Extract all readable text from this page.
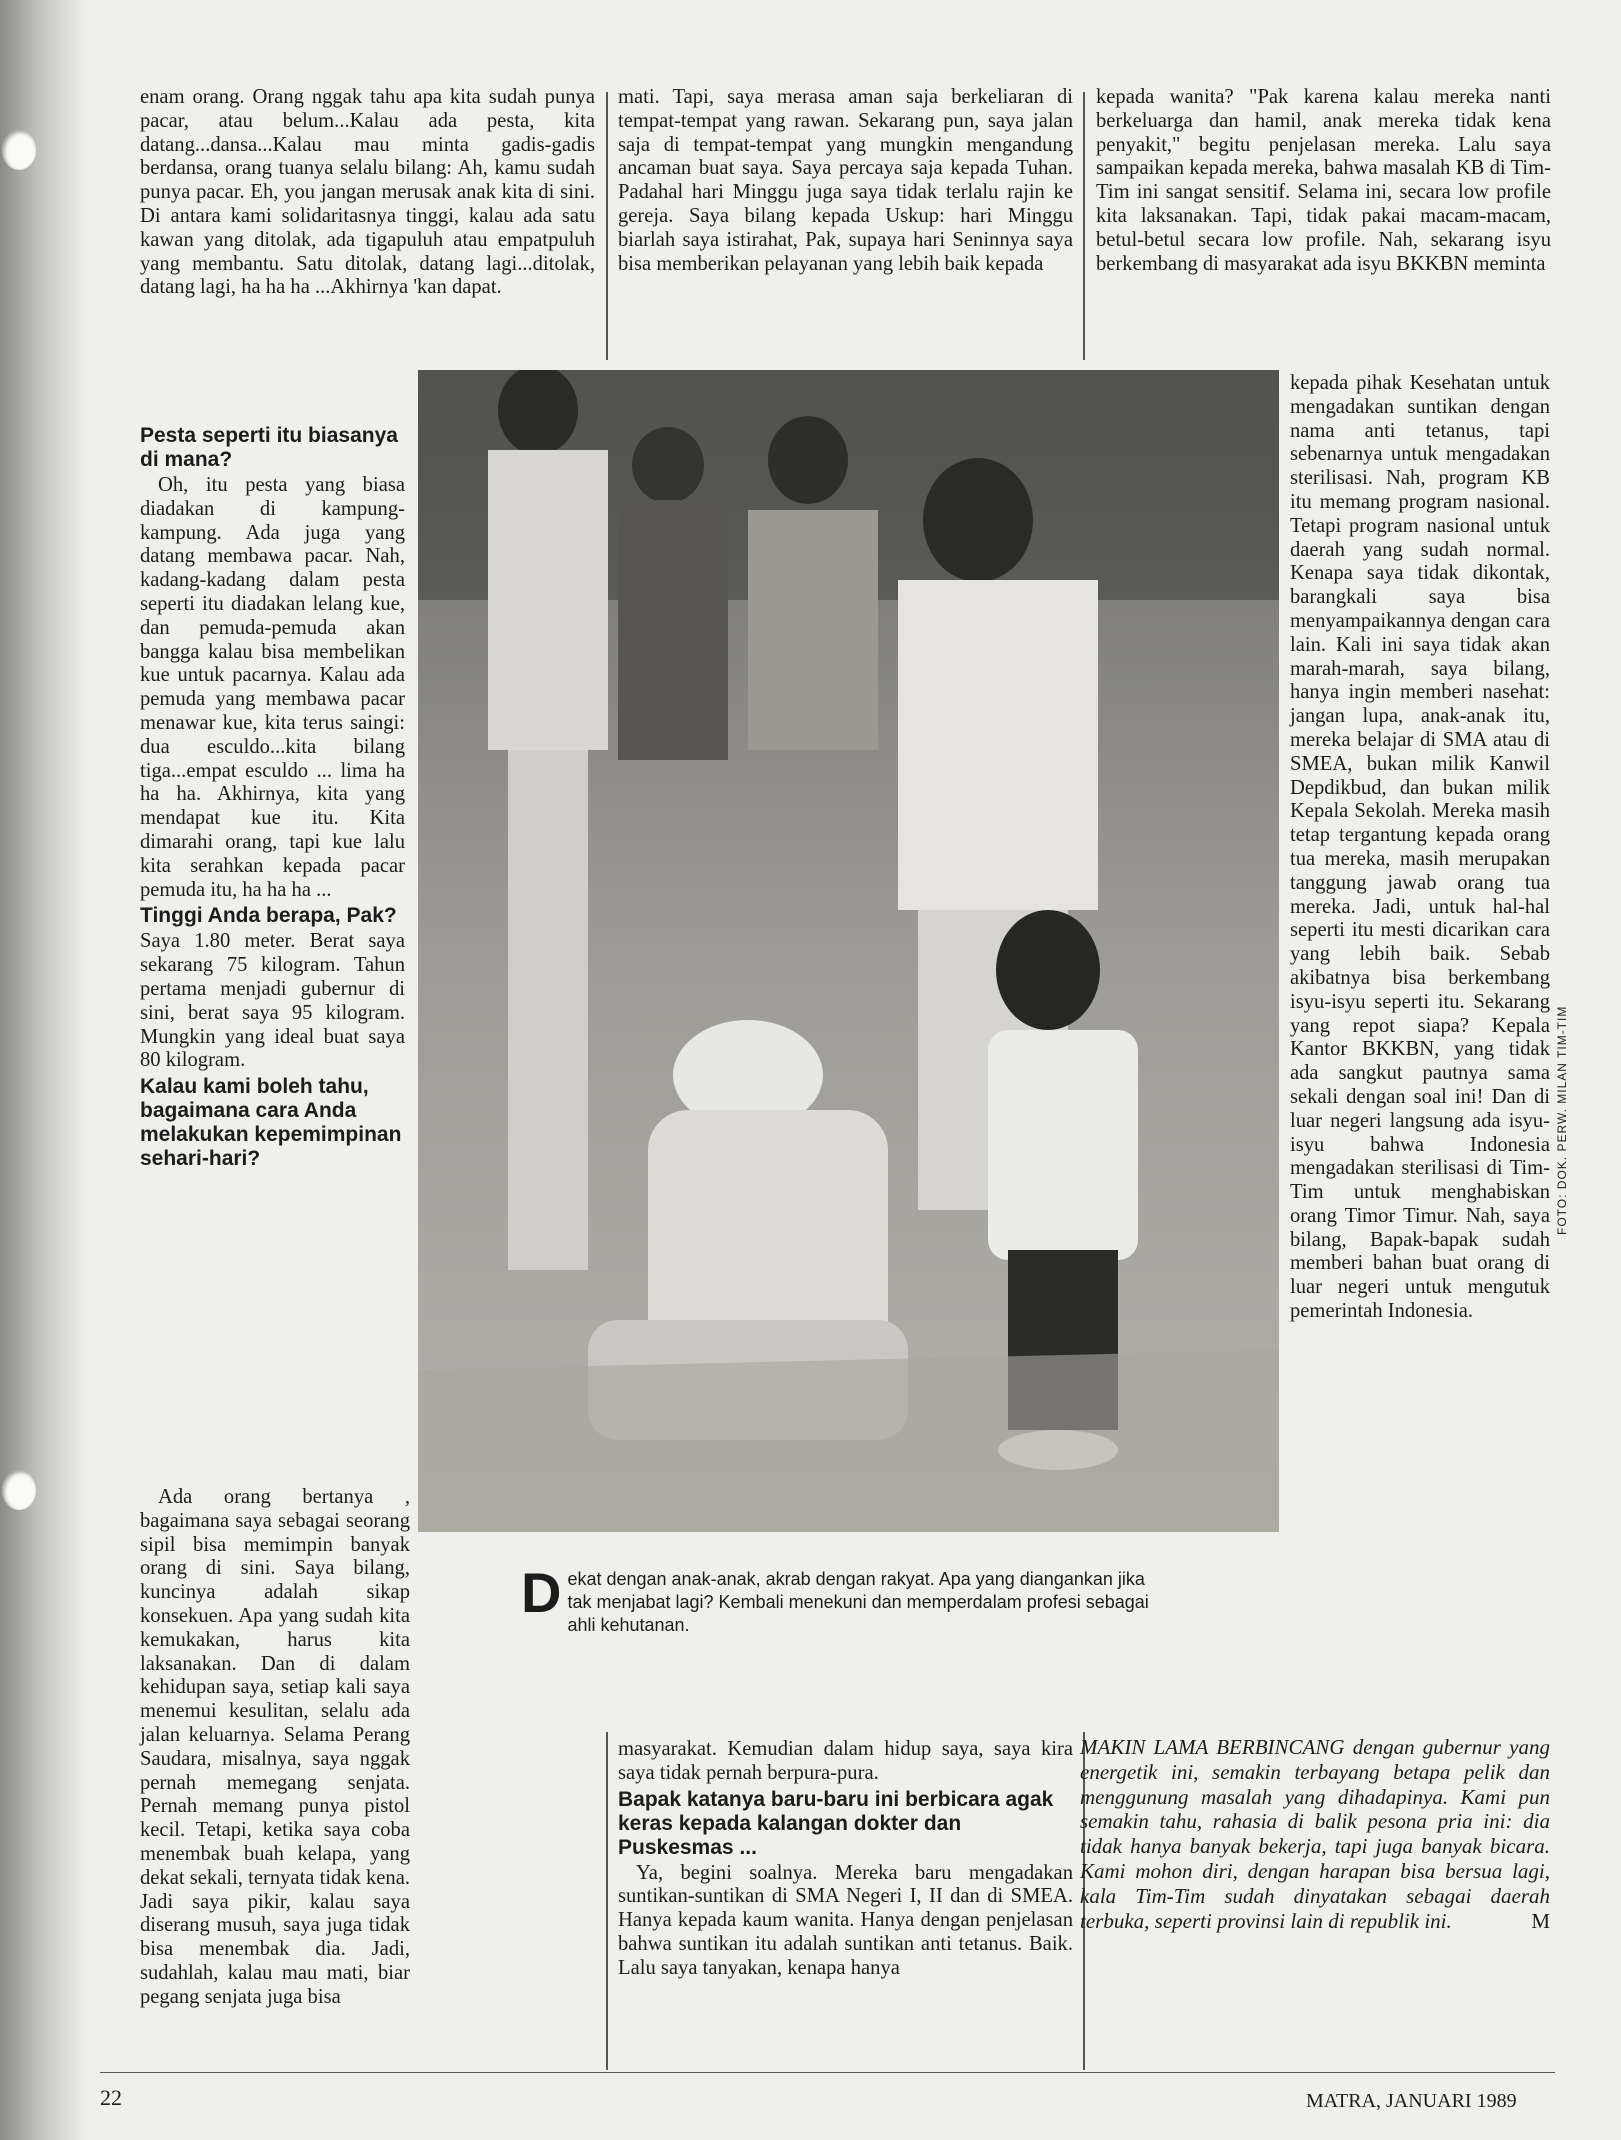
enam orang. Orang nggak tahu apa kita sudah punya pacar, atau belum...Kalau ada pesta, kita datang...dansa...Kalau mau minta gadis-gadis berdansa, orang tuanya selalu bilang: Ah, kamu sudah punya pacar. Eh, you jangan merusak anak kita di sini. Di antara kami solidaritasnya tinggi, kalau ada satu kawan yang ditolak, ada tigapuluh atau empatpuluh yang membantu. Satu ditolak, datang lagi...ditolak, datang lagi, ha ha ha ...Akhirnya 'kan dapat.

Pesta seperti itu biasanya di mana?

Oh, itu pesta yang biasa diadakan di kampung-kampung. Ada juga yang datang membawa pacar. Nah, kadang-kadang dalam pesta seperti itu diadakan lelang kue, dan pemuda-pemuda akan bangga kalau bisa membelikan kue untuk pacarnya. Kalau ada pemuda yang membawa pacar menawar kue, kita terus saingi: dua esculdo...kita bilang tiga...empat esculdo ... lima ha ha ha. Akhirnya, kita yang mendapat kue itu. Kita dimarahi orang, tapi kue lalu kita serahkan kepada pacar pemuda itu, ha ha ha ...

Tinggi Anda berapa, Pak?

Saya 1.80 meter. Berat saya sekarang 75 kilogram. Tahun pertama menjadi gubernur di sini, berat saya 95 kilogram. Mungkin yang ideal buat saya 80 kilogram.

Kalau kami boleh tahu, bagaimana cara Anda melakukan kepemimpinan sehari-hari?

Ada orang bertanya , bagaimana saya sebagai seorang sipil bisa memimpin banyak orang di sini. Saya bilang, kuncinya adalah sikap konsekuen. Apa yang sudah kita kemukakan, harus kita laksanakan. Dan di dalam kehidupan saya, setiap kali saya menemui kesulitan, selalu ada jalan keluarnya. Selama Perang Saudara, misalnya, saya nggak pernah memegang senjata. Pernah memang punya pistol kecil. Tetapi, ketika saya coba menembak buah kelapa, yang dekat sekali, ternyata tidak kena. Jadi saya pikir, kalau saya diserang musuh, saya juga tidak bisa menembak dia. Jadi, sudahlah, kalau mau mati, biar pegang senjata juga bisa

mati. Tapi, saya merasa aman saja berkeliaran di tempat-tempat yang rawan. Sekarang pun, saya jalan saja di tempat-tempat yang mungkin mengandung ancaman buat saya. Saya percaya saja kepada Tuhan. Padahal hari Minggu juga saya tidak terlalu rajin ke gereja. Saya bilang kepada Uskup: hari Minggu biarlah saya istirahat, Pak, supaya hari Seninnya saya bisa memberikan pelayanan yang lebih baik kepada

masyarakat. Kemudian dalam hidup saya, saya kira saya tidak pernah berpura-pura.

Bapak katanya baru-baru ini berbicara agak keras kepada kalangan dokter dan Puskesmas ...

Ya, begini soalnya. Mereka baru mengadakan suntikan-suntikan di SMA Negeri I, II dan di SMEA. Hanya kepada kaum wanita. Hanya dengan penjelasan bahwa suntikan itu adalah suntikan anti tetanus. Baik. Lalu saya tanyakan, kenapa hanya

kepada wanita? "Pak karena kalau mereka nanti berkeluarga dan hamil, anak mereka tidak kena penyakit," begitu penjelasan mereka. Lalu saya sampaikan kepada mereka, bahwa masalah KB di Tim-Tim ini sangat sensitif. Selama ini, secara low profile kita laksanakan. Tapi, tidak pakai macam-macam, betul-betul secara low profile. Nah, sekarang isyu berkembang di masyarakat ada isyu BKKBN meminta

kepada pihak Kesehatan untuk mengadakan suntikan dengan nama anti tetanus, tapi sebenarnya untuk mengadakan sterilisasi. Nah, program KB itu memang program nasional. Tetapi program nasional untuk daerah yang sudah normal. Kenapa saya tidak dikontak, barangkali saya bisa menyampaikannya dengan cara lain. Kali ini saya tidak akan marah-marah, saya bilang, hanya ingin memberi nasehat: jangan lupa, anak-anak itu, mereka belajar di SMA atau di SMEA, bukan milik Kanwil Depdikbud, dan bukan milik Kepala Sekolah. Mereka masih tetap tergantung kepada orang tua mereka, masih merupakan tanggung jawab orang tua mereka. Jadi, untuk hal-hal seperti itu mesti dicarikan cara yang lebih baik. Sebab akibatnya bisa berkembang isyu-isyu seperti itu. Sekarang yang repot siapa? Kepala Kantor BKKBN, yang tidak ada sangkut pautnya sama sekali dengan soal ini! Dan di luar negeri langsung ada isyu-isyu bahwa Indonesia mengadakan sterilisasi di Tim-Tim untuk menghabiskan orang Timor Timur. Nah, saya bilang, Bapak-bapak sudah memberi bahan buat orang di luar negeri untuk mengutuk pemerintah Indonesia.

FOTO: DOK. PERW. MILAN TIM-TIM
D ekat dengan anak-anak, akrab dengan rakyat. Apa yang diangankan jika tak menjabat lagi? Kembali menekuni dan memperdalam profesi sebagai ahli kehutanan.
MAKIN LAMA BERBINCANG dengan gubernur yang energetik ini, semakin terbayang betapa pelik dan menggunung masalah yang dihadapinya. Kami pun semakin tahu, rahasia di balik pesona pria ini: dia tidak hanya banyak bekerja, tapi juga banyak bicara. Kami mohon diri, dengan harapan bisa bersua lagi, kala Tim-Tim sudah dinyatakan sebagai daerah terbuka, seperti provinsi lain di republik ini.	M
22	MATRA, JANUARI 1989
